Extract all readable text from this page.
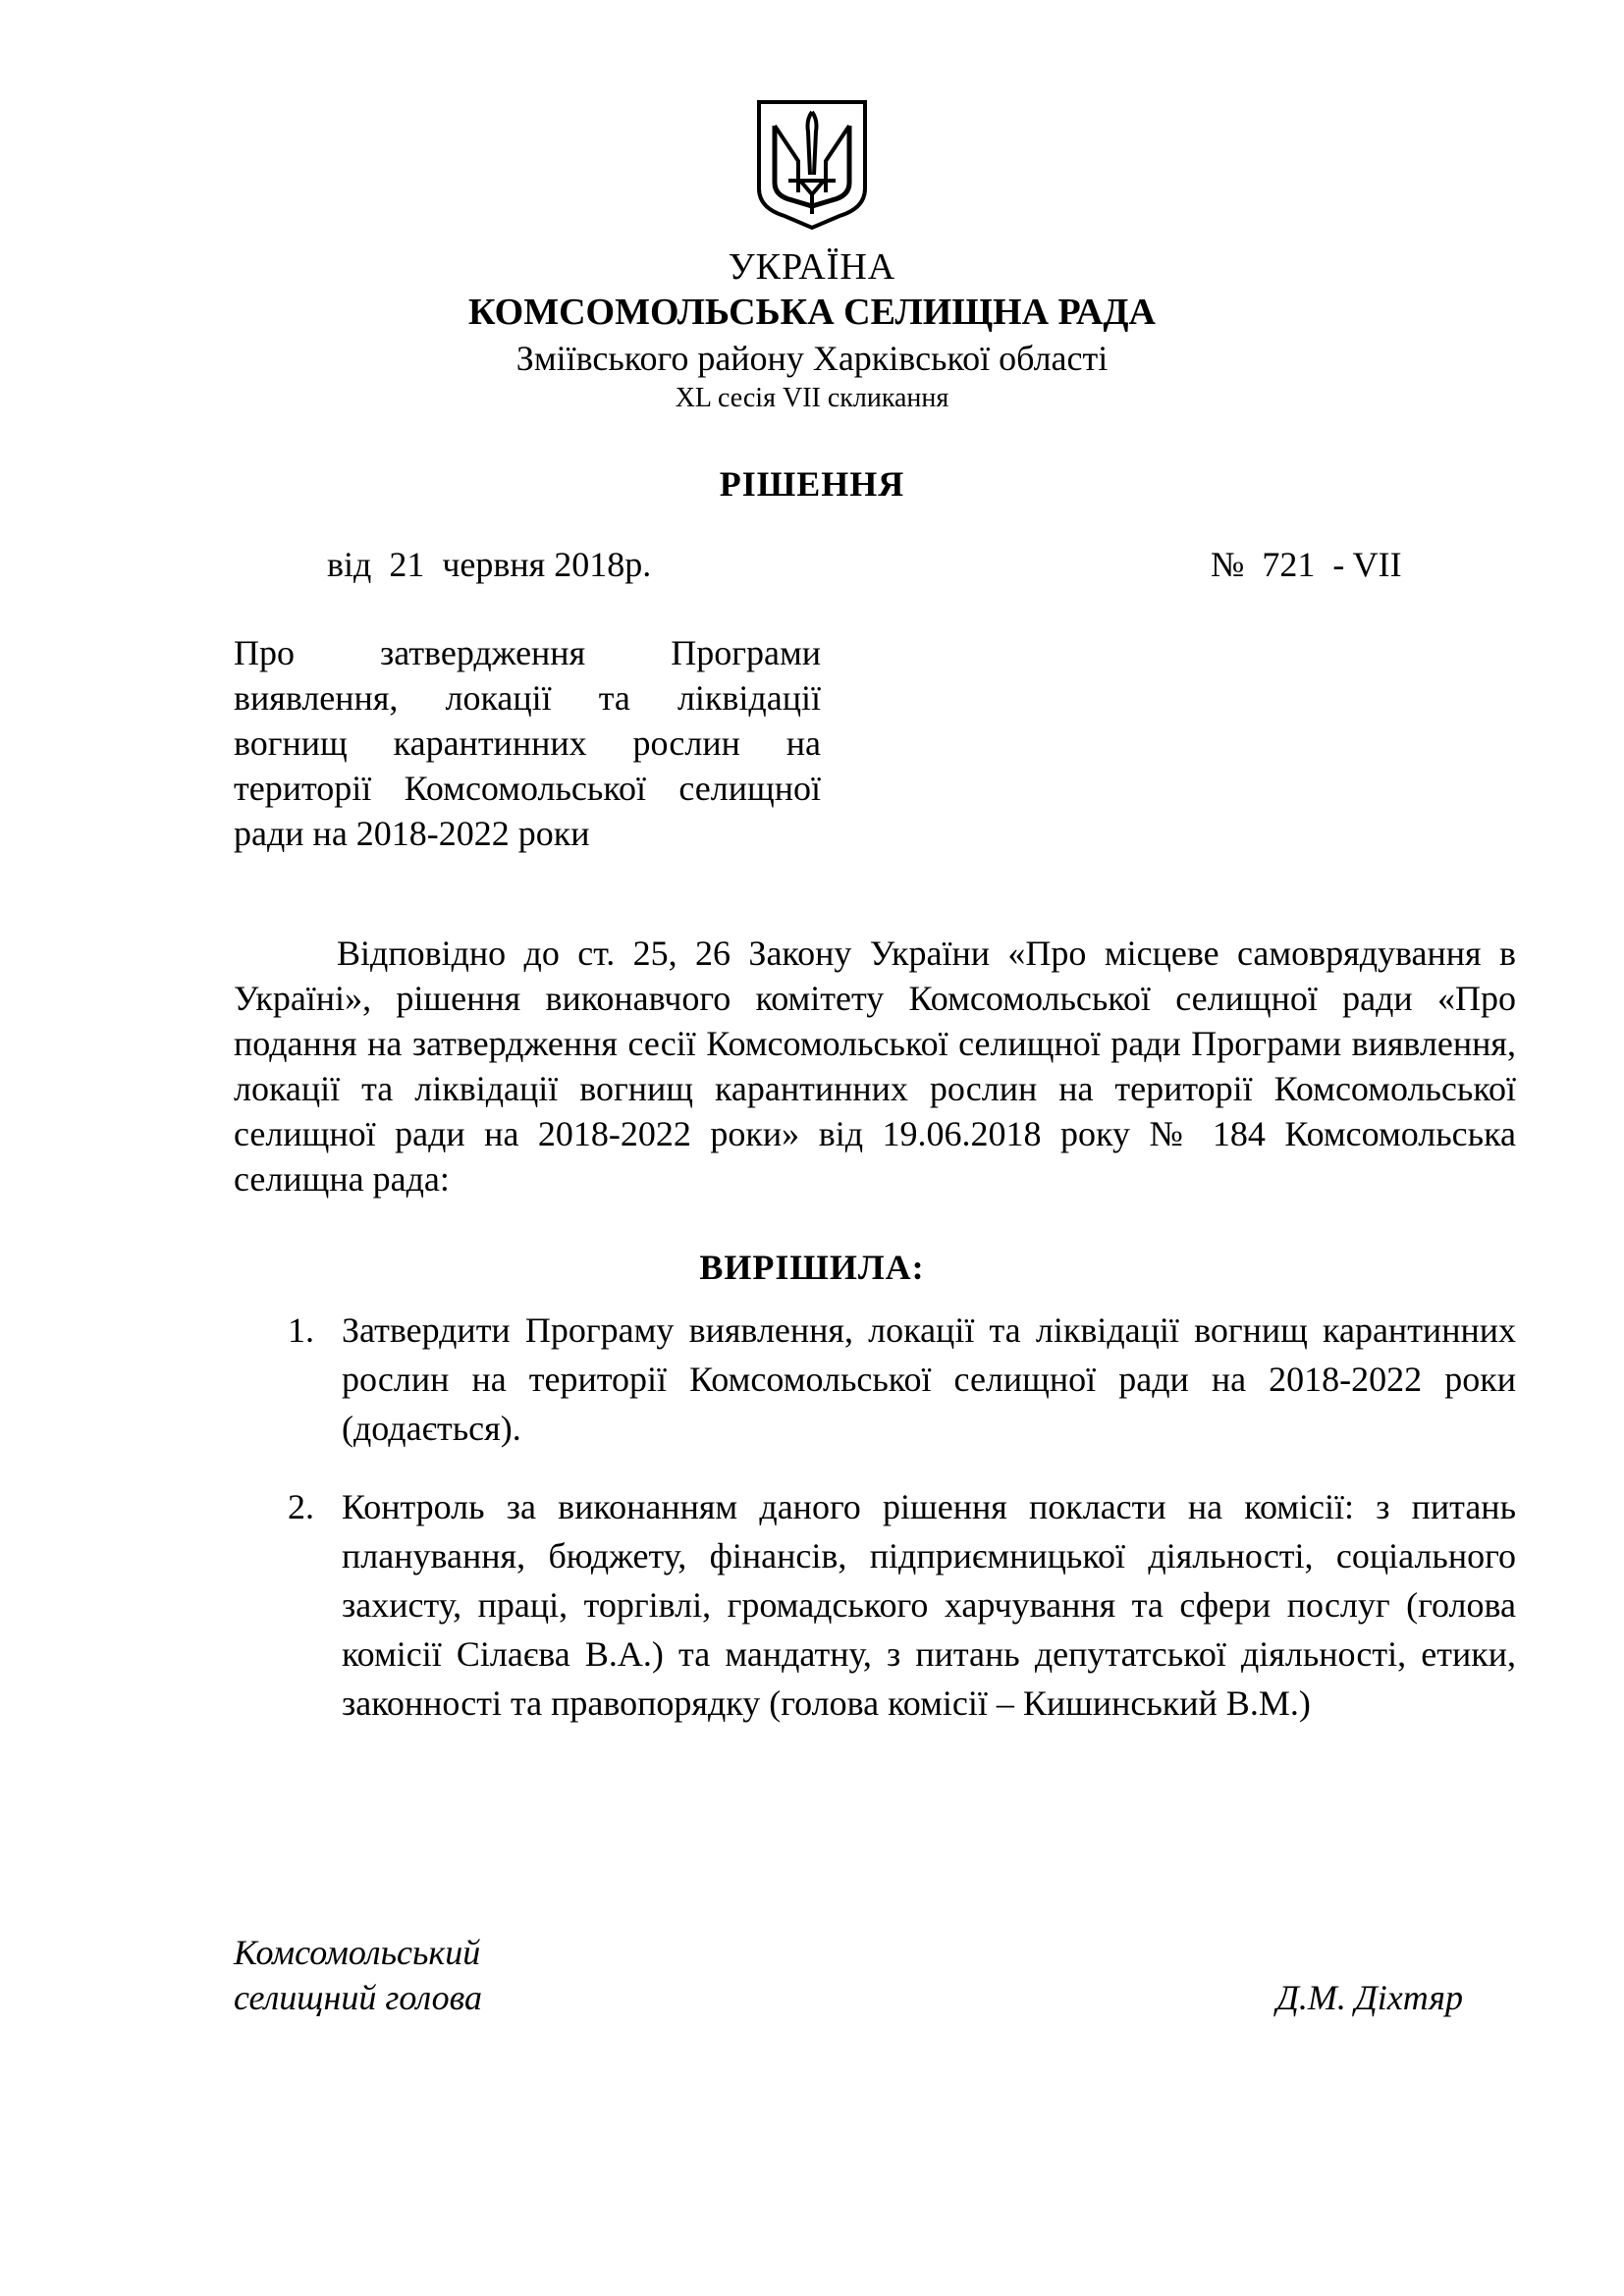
УКРАЇНА

КОМСОМОЛЬСЬКА СЕЛИЩНА РАДА

Зміївського району Харківської області

XL сесія VII скликання

РІШЕННЯ

від  21  червня 2018р.	№  721  - VII

Про затвердження Програми виявлення, локації та ліквідації вогнищ карантинних рослин на території Комсомольської селищної ради на 2018-2022 роки

Відповідно до ст. 25, 26 Закону України «Про місцеве самоврядування в Україні», рішення виконавчого комітету Комсомольської селищної ради «Про подання на затвердження сесії Комсомольської селищної ради Програми виявлення, локації та ліквідації вогнищ карантинних рослин на території Комсомольської селищної ради на 2018-2022 роки» від 19.06.2018 року № 184 Комсомольська селищна рада:

ВИРІШИЛА:

1. Затвердити Програму виявлення, локації та ліквідації вогнищ карантинних рослин на території Комсомольської селищної ради на 2018-2022 роки (додається).
2. Контроль за виконанням даного рішення покласти на комісії: з питань планування, бюджету, фінансів, підприємницької діяльності, соціального захисту, праці, торгівлі, громадського харчування та сфери послуг (голова комісії Сілаєва В.А.) та мандатну, з питань депутатської діяльності, етики, законності та правопорядку (голова комісії – Кишинський В.М.)

Комсомольський

селищний голова	Д.М. Діхтяр
